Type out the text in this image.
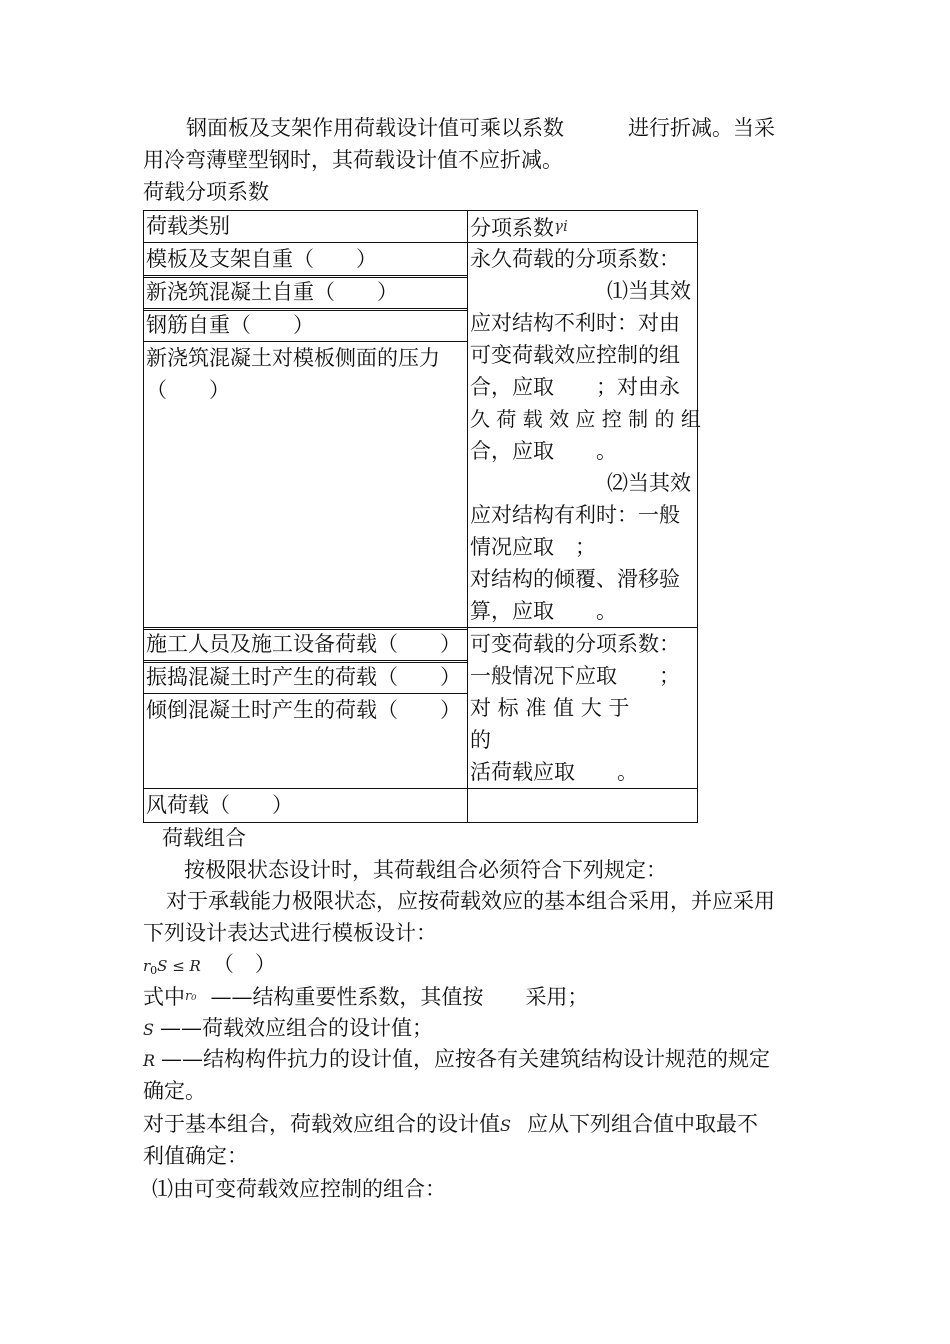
钢面板及支架作用荷载设计值可乘以系数	进行折减。当采
用冷弯薄壁型钢时，其荷载设计值不应折减。
荷载分项系数
荷载类别	分项系数γi
模板及支架自重（　　）
新浇筑混凝土自重（　　）
钢筋自重（　　）
新浇筑混凝土对模板侧面的压力
（　　）
永久荷载的分项系数：
⑴当其效
应对结构不利时：对由
可变荷载效应控制的组
合，应取　　；对由永
久 荷 载 效 应 控 制 的 组
合，应取　　。
⑵当其效
应对结构有利时：一般
情况应取　；
对结构的倾覆、滑移验
算，应取　　。
施工人员及施工设备荷载（　　）
振捣混凝土时产生的荷载（　　）
倾倒混凝土时产生的荷载（　　）
可变荷载的分项系数：
一般情况下应取　　；
对 标 准 值 大 于
的
活荷载应取　　。
风荷载（　　）
荷载组合
按极限状态设计时，其荷载组合必须符合下列规定：
对于承载能力极限状态，应按荷载效应的基本组合采用，并应采用
下列设计表达式进行模板设计：
r0S ≤ R （　）
式中r₀ ——结构重要性系数，其值按 采用；
S ——荷载效应组合的设计值；
R ——结构构件抗力的设计值，应按各有关建筑结构设计规范的规定
确定。
对于基本组合，荷载效应组合的设计值S 应从下列组合值中取最不
利值确定：
⑴由可变荷载效应控制的组合：
